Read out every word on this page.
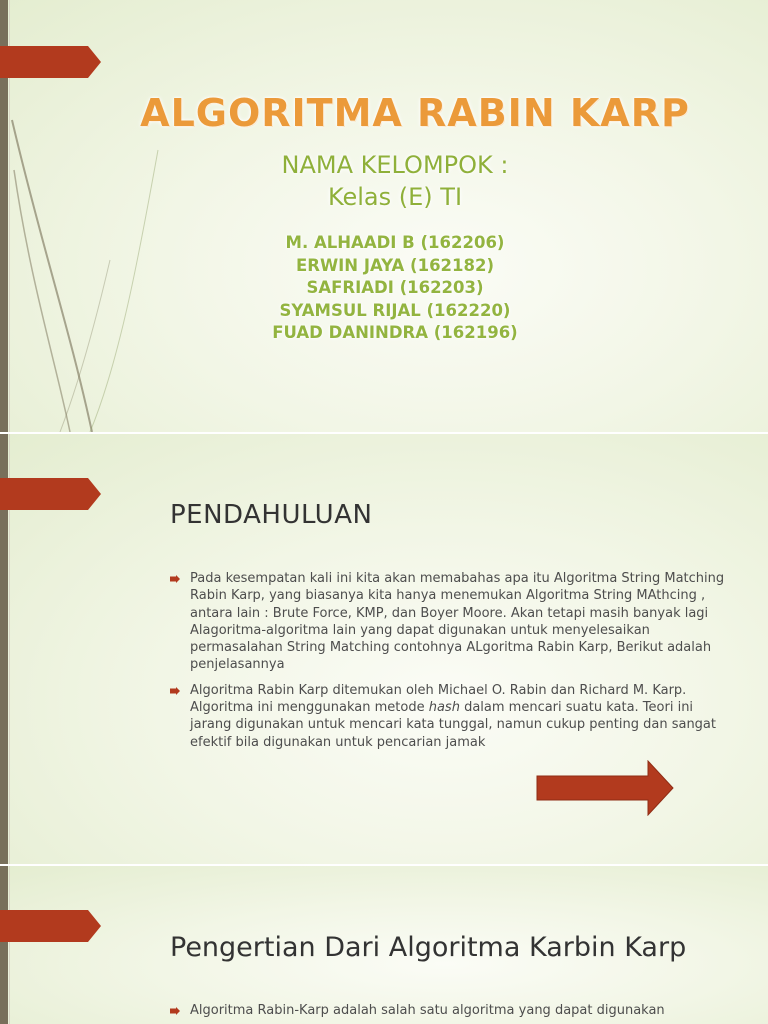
ALGORITMA RABIN KARP
NAMA KELOMPOK :
Kelas (E) TI
M. ALHAADI B (162206)
ERWIN JAYA (162182)
SAFRIADI (162203)
SYAMSUL RIJAL (162220)
FUAD DANINDRA (162196)
PENDAHULUAN
Pada kesempatan kali ini kita akan memabahas apa itu Algoritma String Matching Rabin Karp, yang biasanya kita hanya menemukan Algoritma String MAthcing , antara lain : Brute Force, KMP, dan Boyer Moore. Akan tetapi masih banyak lagi Alagoritma-algoritma lain yang dapat digunakan untuk menyelesaikan permasalahan String Matching contohnya ALgoritma Rabin Karp, Berikut adalah penjelasannya
Algoritma Rabin Karp ditemukan oleh Michael O. Rabin dan Richard M. Karp. Algoritma ini menggunakan metode hash dalam mencari suatu kata. Teori ini jarang digunakan untuk mencari kata tunggal, namun cukup penting dan sangat efektif bila digunakan untuk pencarian jamak
Pengertian Dari Algoritma Karbin Karp
Algoritma Rabin-Karp adalah salah satu algoritma yang dapat digunakan
